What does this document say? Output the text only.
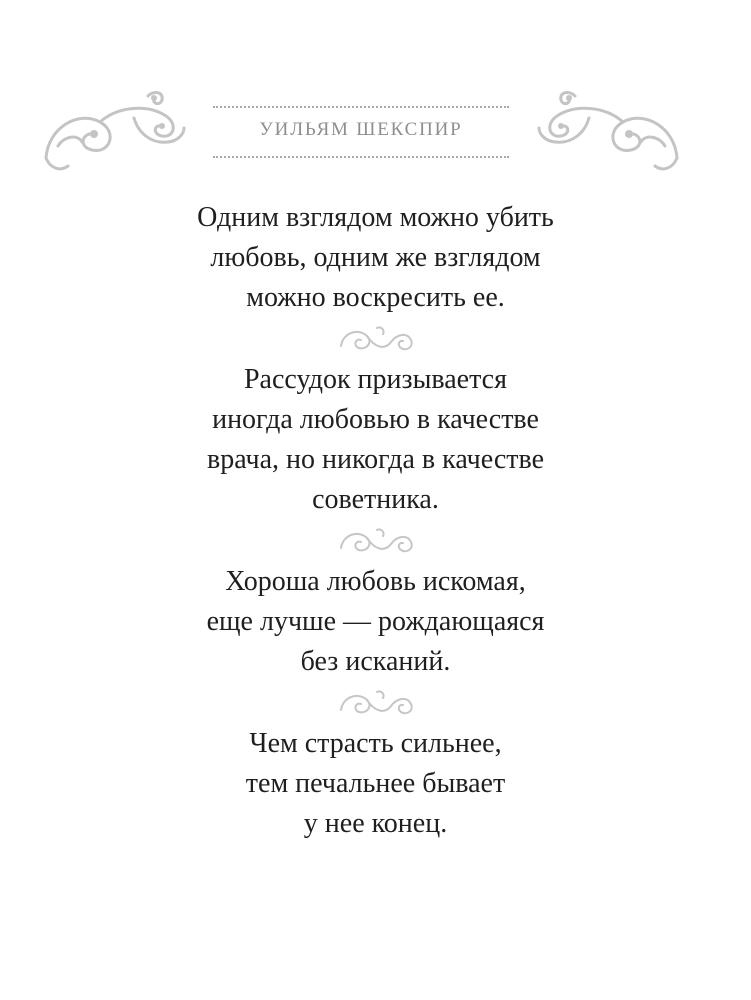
УИЛЬЯМ ШЕКСПИР
Одним взглядом можно убить
любовь, одним же взглядом
можно воскресить ее.
Рассудок призывается
иногда любовью в качестве
врача, но никогда в качестве
советника.
Хороша любовь искомая,
еще лучше — рождающаяся
без исканий.
Чем страсть сильнее,
тем печальнее бывает
у нее конец.
